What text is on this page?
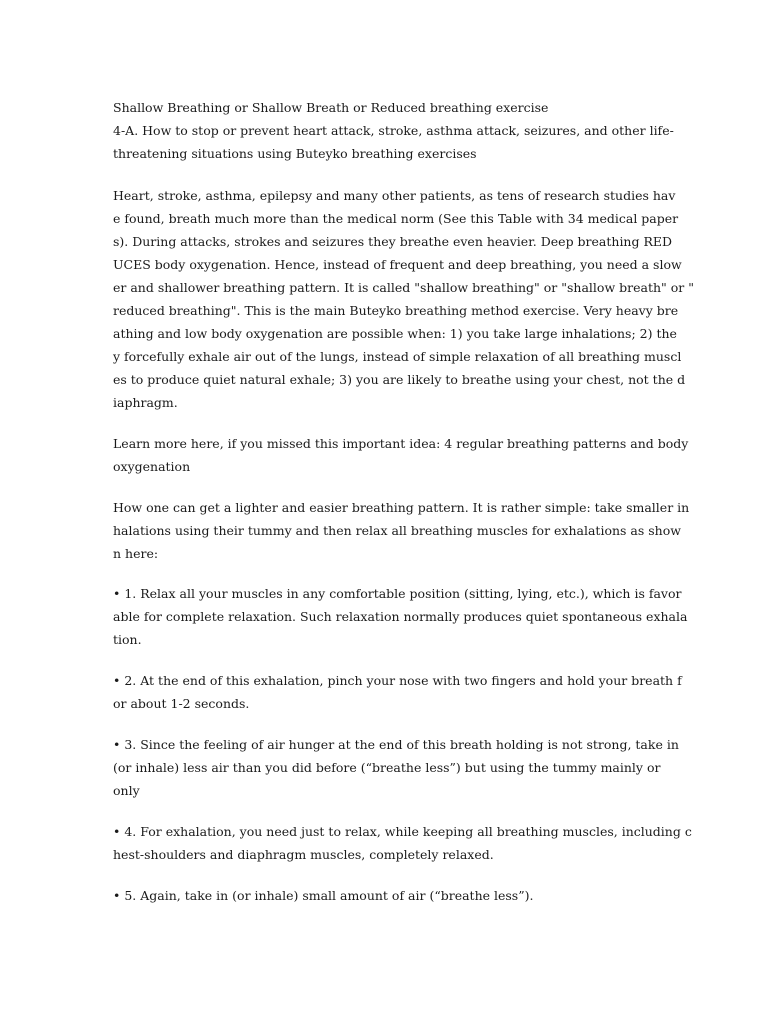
Shallow Breathing or Shallow Breath or Reduced breathing exercise
4-A. How to stop or prevent heart attack, stroke, asthma attack, seizures, and other life-
threatening situations using Buteyko breathing exercises
Heart, stroke, asthma, epilepsy and many other patients, as tens of research studies hav
e found, breath much more than the medical norm (See this Table with 34 medical paper
s). During attacks, strokes and seizures they breathe even heavier. Deep breathing RED
UCES body oxygenation. Hence, instead of frequent and deep breathing, you need a slow
er and shallower breathing pattern. It is called "shallow breathing" or "shallow breath" or "
reduced breathing". This is the main Buteyko breathing method exercise. Very heavy bre
athing and low body oxygenation are possible when: 1) you take large inhalations; 2) the
y forcefully exhale air out of the lungs, instead of simple relaxation of all breathing muscl
es to produce quiet natural exhale; 3) you are likely to breathe using your chest, not the d
iaphragm.
Learn more here, if you missed this important idea: 4 regular breathing patterns and body
oxygenation
How one can get a lighter and easier breathing pattern. It is rather simple: take smaller in
halations using their tummy and then relax all breathing muscles for exhalations as show
n here:
• 1. Relax all your muscles in any comfortable position (sitting, lying, etc.), which is favor
able for complete relaxation. Such relaxation normally produces quiet spontaneous exhala
tion.
• 2. At the end of this exhalation, pinch your nose with two fingers and hold your breath f
or about 1-2 seconds.
• 3. Since the feeling of air hunger at the end of this breath holding is not strong, take in
(or inhale) less air than you did before (“breathe less”) but using the tummy mainly or
only
• 4. For exhalation, you need just to relax, while keeping all breathing muscles, including c
hest-shoulders and diaphragm muscles, completely relaxed.
• 5. Again, take in (or inhale) small amount of air (“breathe less”).
